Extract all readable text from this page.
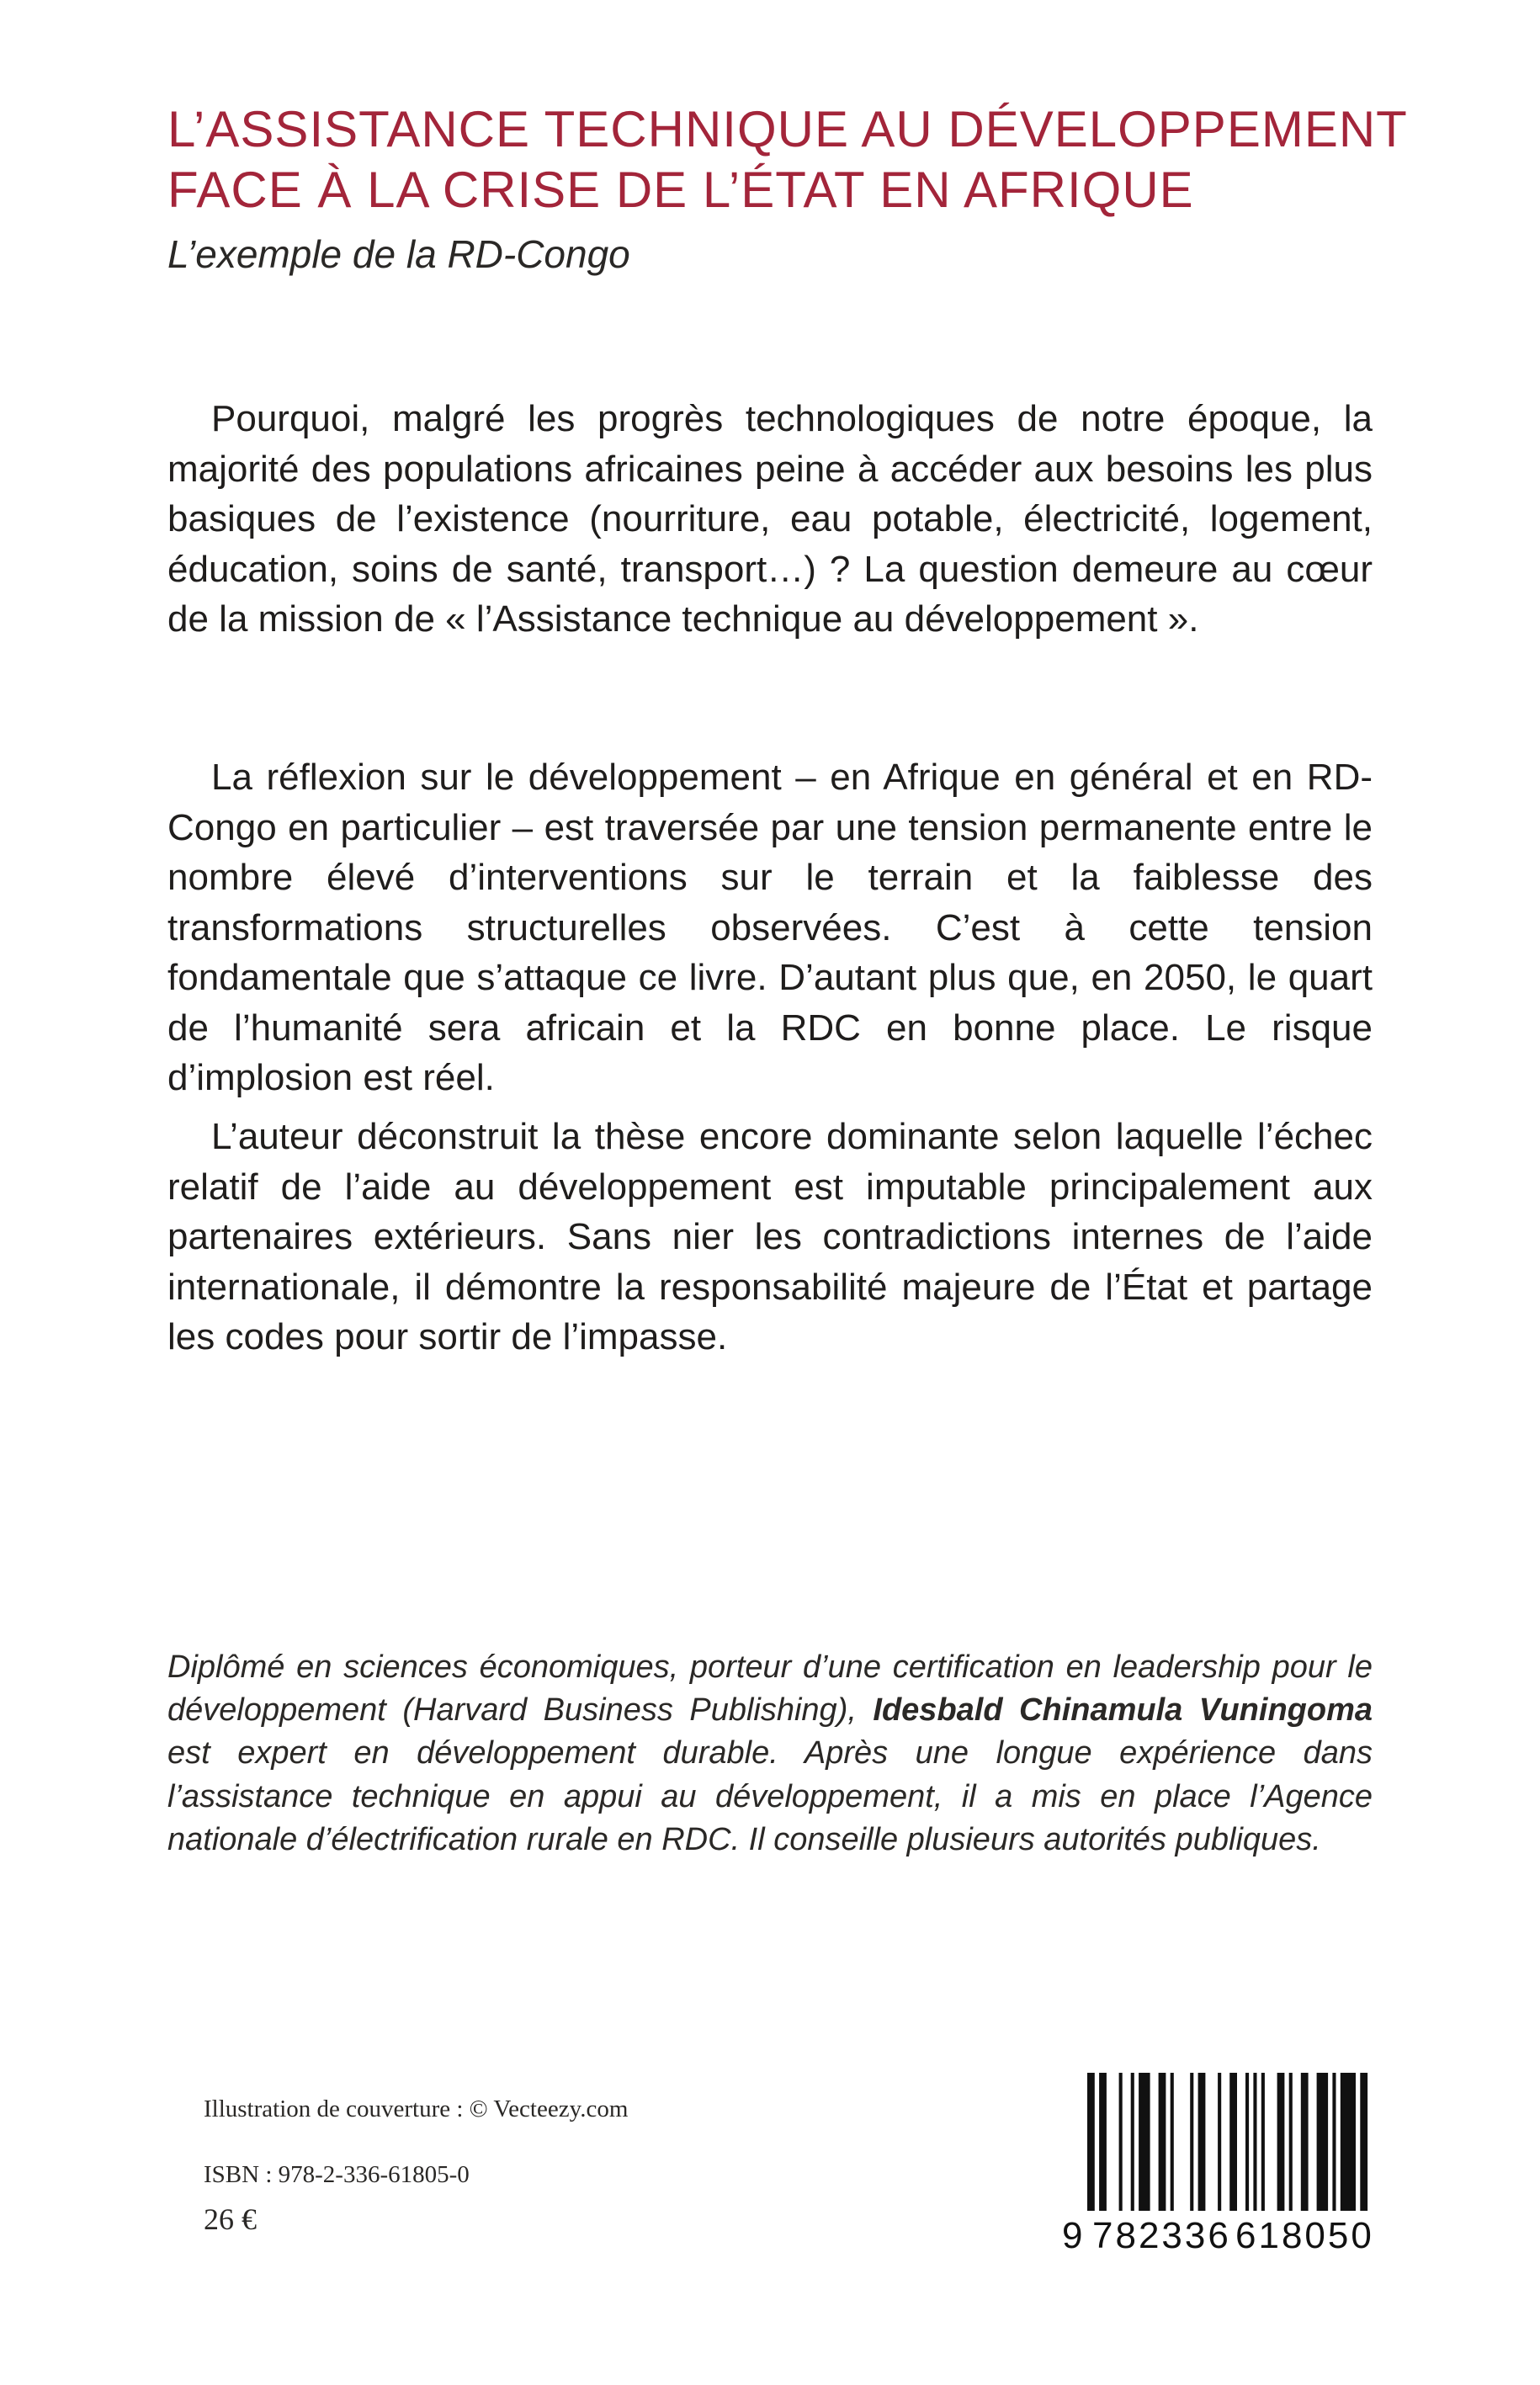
L’ASSISTANCE TECHNIQUE AU DÉVELOPPEMENT
FACE À LA CRISE DE L’ÉTAT EN AFRIQUE
L’exemple de la RD-Congo

Pourquoi, malgré les progrès technologiques de notre époque, la majorité des populations africaines peine à accéder aux besoins les plus basiques de l’existence (nourriture, eau potable, électricité, logement, éducation, soins de santé, transport…) ? La question demeure au cœur de la mission de « l’Assistance technique au développement ».

La réflexion sur le développement – en Afrique en général et en RD-Congo en particulier – est traversée par une tension permanente entre le nombre élevé d’interventions sur le terrain et la faiblesse des transformations structurelles observées. C’est à cette tension fondamentale que s’attaque ce livre. D’autant plus que, en 2050, le quart de l’humanité sera africain et la RDC en bonne place. Le risque d’implosion est réel.

L’auteur déconstruit la thèse encore dominante selon laquelle l’échec relatif de l’aide au développement est imputable principalement aux partenaires extérieurs. Sans nier les contradictions internes de l’aide internationale, il démontre la responsabilité majeure de l’État et partage les codes pour sortir de l’impasse.

Diplômé en sciences économiques, porteur d’une certification en leadership pour le développement (Harvard Business Publishing), Idesbald Chinamula Vuningoma est expert en développement durable. Après une longue expérience dans l’assistance technique en appui au développement, il a mis en place l’Agence nationale d’électrification rurale en RDC. Il conseille plusieurs autorités publiques.
Illustration de couverture : © Vecteezy.com
ISBN : 978-2-336-61805-0
26 €	9 782336 618050
